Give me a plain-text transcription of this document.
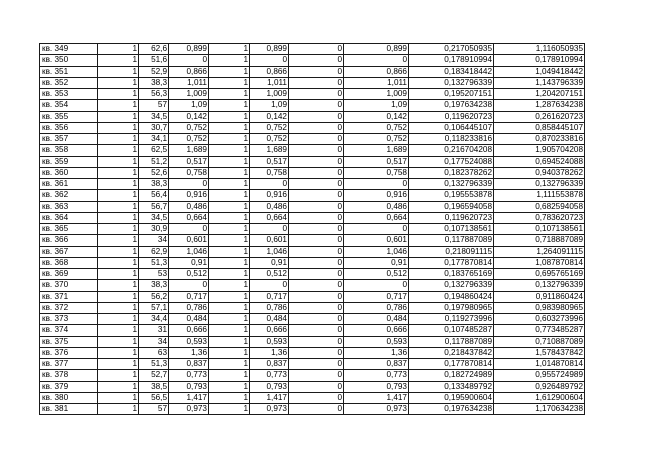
кв. 349	1	62,6	0,899	1	0,899	0	0,899	0,217050935	1,116050935
кв. 350	1	51,6	0	1	0	0	0	0,178910994	0,178910994
кв. 351	1	52,9	0,866	1	0,866	0	0,866	0,183418442	1,049418442
кв. 352	1	38,3	1,011	1	1,011	0	1,011	0,132796339	1,143796339
кв. 353	1	56,3	1,009	1	1,009	0	1,009	0,195207151	1,204207151
кв. 354	1	57	1,09	1	1,09	0	1,09	0,197634238	1,287634238
кв. 355	1	34,5	0,142	1	0,142	0	0,142	0,119620723	0,261620723
кв. 356	1	30,7	0,752	1	0,752	0	0,752	0,106445107	0,858445107
кв. 357	1	34,1	0,752	1	0,752	0	0,752	0,118233816	0,870233816
кв. 358	1	62,5	1,689	1	1,689	0	1,689	0,216704208	1,905704208
кв. 359	1	51,2	0,517	1	0,517	0	0,517	0,177524088	0,694524088
кв. 360	1	52,6	0,758	1	0,758	0	0,758	0,182378262	0,940378262
кв. 361	1	38,3	0	1	0	0	0	0,132796339	0,132796339
кв. 362	1	56,4	0,916	1	0,916	0	0,916	0,195553878	1,111553878
кв. 363	1	56,7	0,486	1	0,486	0	0,486	0,196594058	0,682594058
кв. 364	1	34,5	0,664	1	0,664	0	0,664	0,119620723	0,783620723
кв. 365	1	30,9	0	1	0	0	0	0,107138561	0,107138561
кв. 366	1	34	0,601	1	0,601	0	0,601	0,117887089	0,718887089
кв. 367	1	62,9	1,046	1	1,046	0	1,046	0,218091115	1,264091115
кв. 368	1	51,3	0,91	1	0,91	0	0,91	0,177870814	1,087870814
кв. 369	1	53	0,512	1	0,512	0	0,512	0,183765169	0,695765169
кв. 370	1	38,3	0	1	0	0	0	0,132796339	0,132796339
кв. 371	1	56,2	0,717	1	0,717	0	0,717	0,194860424	0,911860424
кв. 372	1	57,1	0,786	1	0,786	0	0,786	0,197980965	0,983980965
кв. 373	1	34,4	0,484	1	0,484	0	0,484	0,119273996	0,603273996
кв. 374	1	31	0,666	1	0,666	0	0,666	0,107485287	0,773485287
кв. 375	1	34	0,593	1	0,593	0	0,593	0,117887089	0,710887089
кв. 376	1	63	1,36	1	1,36	0	1,36	0,218437842	1,578437842
кв. 377	1	51,3	0,837	1	0,837	0	0,837	0,177870814	1,014870814
кв. 378	1	52,7	0,773	1	0,773	0	0,773	0,182724989	0,955724989
кв. 379	1	38,5	0,793	1	0,793	0	0,793	0,133489792	0,926489792
кв. 380	1	56,5	1,417	1	1,417	0	1,417	0,195900604	1,612900604
кв. 381	1	57	0,973	1	0,973	0	0,973	0,197634238	1,170634238
